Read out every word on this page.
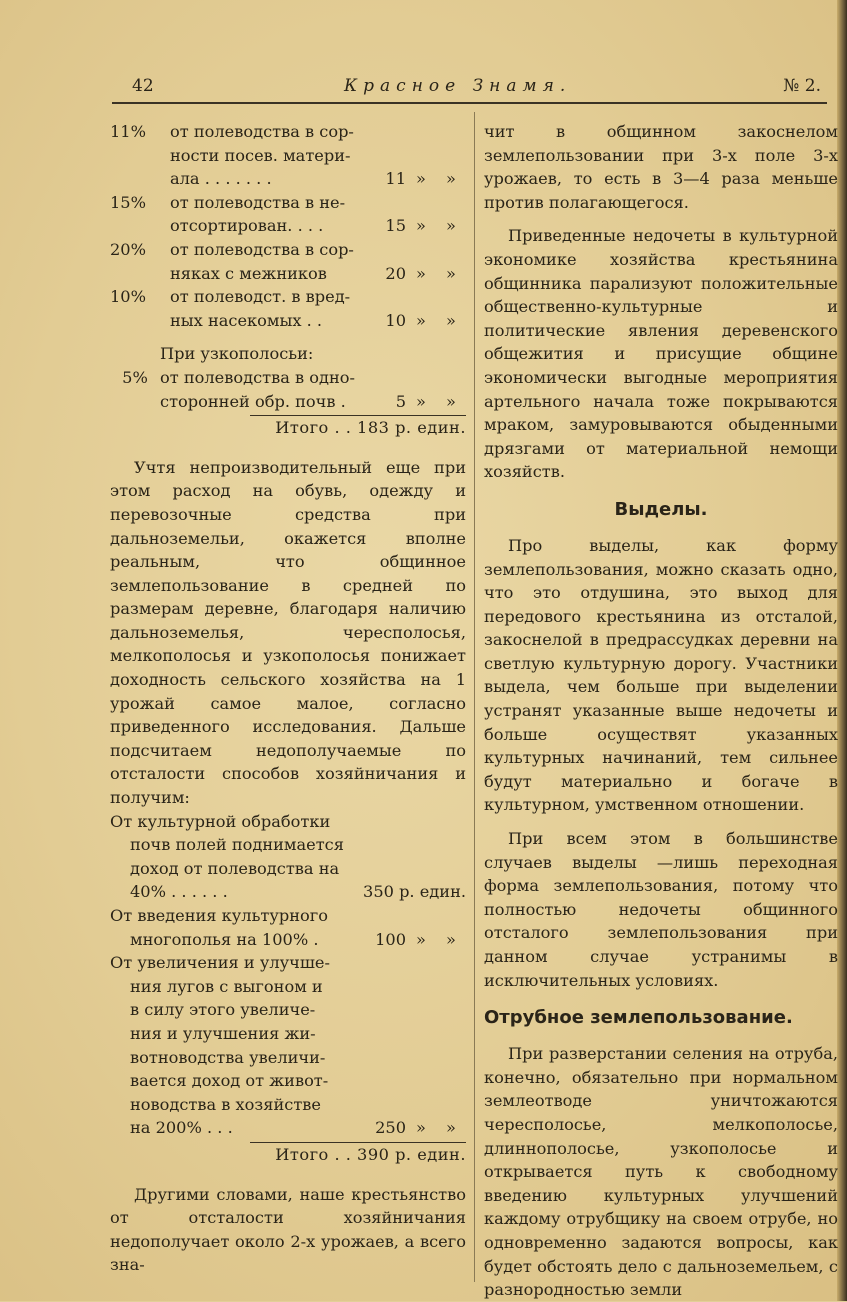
42	Красное Знамя.	№ 2.
11%	от полеводства в сор-
ности посев. матери-
ала . . . . . . .	11 »	»
15%	от полеводства в не-
отсортирован. . . .	15 »	»
20%	от полеводства в сор-
няках с межников	20 »	»
10%	от полеводст. в вред-
ных насекомых . .	10 »	»
При узкополосьи:
5% от полеводства в одно-
сторонней обр. почв .	5 »	»
Итого . . 183 р. един.

Учтя непроизводительный еще при этом расход на обувь, одежду и перевозочные средства при дальноземельи, окажется вполне реальным, что общинное землепользование в средней по размерам деревне, благодаря наличию дальноземелья, чересполосья, мелкополосья и узкополосья понижает доходность сельского хозяйства на 1 урожай самое малое, согласно приведенного исследования. Дальше подсчитаем недополучаемые по отсталости способов хозяйничания и получим:

От культурной обработки
почв полей поднимается
доход от полеводства на
40% . . . . . .	350 р. един.
От введения культурного
многополья на 100% .	100 »	»
От увеличения и улучше-
ния лугов с выгоном и
в силу этого увеличе-
ния и улучшения жи-
вотноводства увеличи-
вается доход от живот-
новодства в хозяйстве
на 200% . . .	250 »	»
Итого . . 390 р. един.

Другими словами, наше крестьянство от отсталости хозяйничания недополучает около 2-х урожаев, а всего зна-

чит в общинном закоснелом землепользовании при 3-х поле 3-х урожаев, то есть в 3—4 раза меньше против полагающегося.

Приведенные недочеты в культурной экономике хозяйства крестьянина общинника парализуют положительные общественно-культурные и политические явления деревенского общежития и присущие общине экономически выгодные мероприятия артельного начала тоже покрываются мраком, замуровываются обыденными дрязгами от материальной немощи хозяйств.

Выделы.

Про выделы, как форму землепользования, можно сказать одно, что это отдушина, это выход для передового крестьянина из отсталой, закоснелой в предрассудках деревни на светлую культурную дорогу. Участники выдела, чем больше при выделении устранят указанные выше недочеты и больше осуществят указанных культурных начинаний, тем сильнее будут материально и богаче в культурном, умственном отношении.

При всем этом в большинстве случаев выделы —лишь переходная форма землепользования, потому что полностью недочеты общинного отсталого землепользования при данном случае устранимы в исключительных условиях.

Отрубное землепользование.

При разверстании селения на отруба, конечно, обязательно при нормальном землеотводе уничтожаются чересполосье, мелкополосье, длиннополосье, узкополосье и открывается путь к свободному введению культурных улучшений каждому отрубщику на своем отрубе, но одновременно задаются вопросы, как будет обстоять дело с дальноземельем, с разнородностью земли
